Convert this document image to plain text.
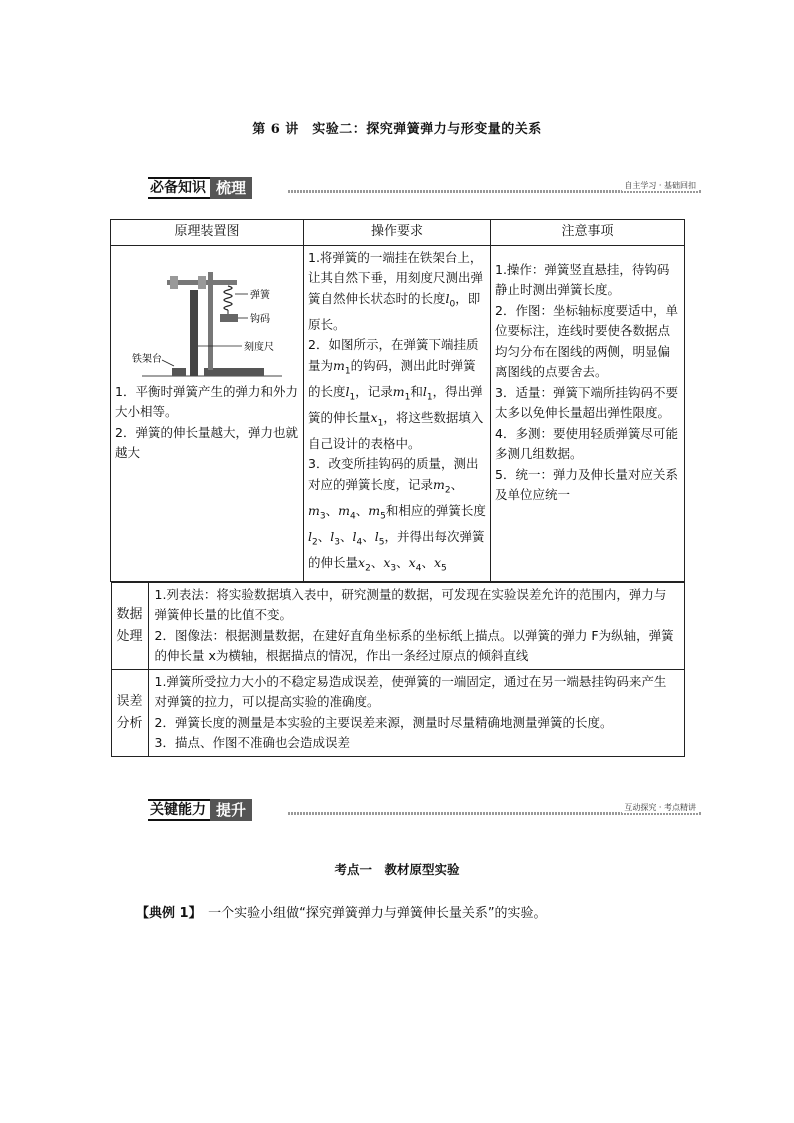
第 6 讲　实验二：探究弹簧弹力与形变量的关系
必备知识 梳理	自主学习 · 基础回扣
原理装置图	操作要求	注意事项

弹簧
钩码
刻度尺
铁架台
1．平衡时弹簧产生的弹力和外力大小相等。
2．弹簧的伸长量越大，弹力也就越大

1.将弹簧的一端挂在铁架台上，让其自然下垂，用刻度尺测出弹簧自然伸长状态时的长度$l_0$，即原长。
2．如图所示，在弹簧下端挂质量为$m_1$的钩码，测出此时弹簧的长度$l_1$，记录$m_1$和$l_1$，得出弹簧的伸长量$x_1$，将这些数据填入自己设计的表格中。
3．改变所挂钩码的质量，测出对应的弹簧长度，记录$m_2$、$m_3$、$m_4$、$m_5$和相应的弹簧长度$l_2$、$l_3$、$l_4$、$l_5$，并得出每次弹簧的伸长量$x_2$、$x_3$、$x_4$、$x_5$

1.操作：弹簧竖直悬挂，待钩码静止时测出弹簧长度。
2．作图：坐标轴标度要适中，单位要标注，连线时要使各数据点均匀分布在图线的两侧，明显偏离图线的点要舍去。
3．适量：弹簧下端所挂钩码不要太多以免伸长量超出弹性限度。
4．多测：要使用轻质弹簧尽可能多测几组数据。
5．统一：弹力及伸长量对应关系及单位应统一

数据处理	
1.列表法：将实验数据填入表中，研究测量的数据，可发现在实验误差允许的范围内，弹力与弹簧伸长量的比值不变。
2．图像法：根据测量数据，在建好直角坐标系的坐标纸上描点。以弹簧的弹力 F为纵轴，弹簧的伸长量 x为横轴，根据描点的情况，作出一条经过原点的倾斜直线

误差分析	
1.弹簧所受拉力大小的不稳定易造成误差，使弹簧的一端固定，通过在另一端悬挂钩码来产生对弹簧的拉力，可以提高实验的准确度。
2．弹簧长度的测量是本实验的主要误差来源，测量时尽量精确地测量弹簧的长度。
3．描点、作图不准确也会造成误差
关键能力 提升	互动探究 · 考点精讲
考点一　教材原型实验
【典例 1】　一个实验小组做“探究弹簧弹力与弹簧伸长量关系”的实验。
